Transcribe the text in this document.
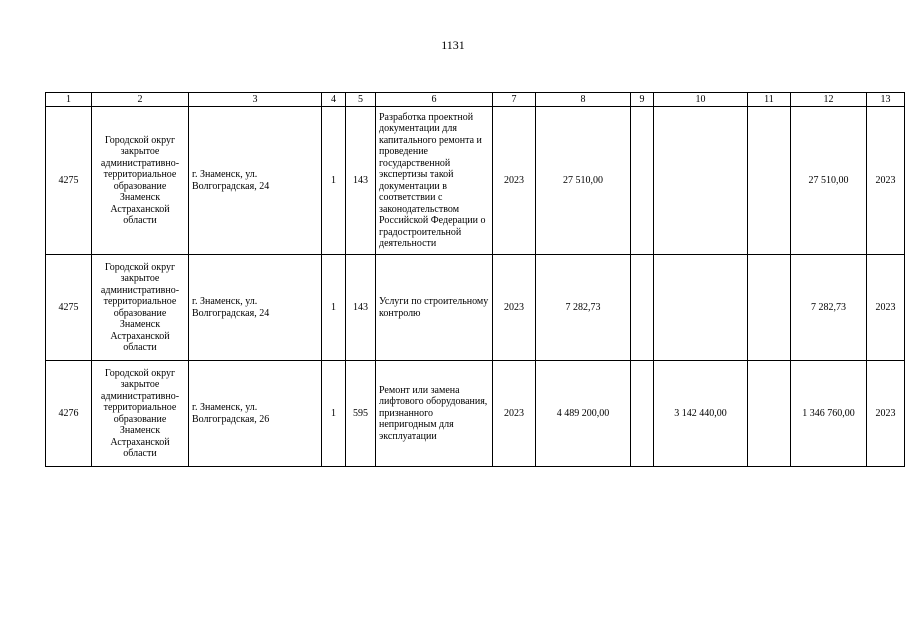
1131
1	2	3	4	5	6	7	8	9	10	11	12	13
4275	Городской округ закрытое административно-территориальное образование Знаменск Астраханской области	г. Знаменск, ул. Волгоградская, 24	1	143	Разработка проектной документации для капитального ремонта и проведение государственной экспертизы такой документации в соответствии с законодательством Российской Федерации о градостроительной деятельности	2023	27 510,00				27 510,00	2023
4275	Городской округ закрытое административно-территориальное образование Знаменск Астраханской области	г. Знаменск, ул. Волгоградская, 24	1	143	Услуги по строительному контролю	2023	7 282,73				7 282,73	2023
4276	Городской округ закрытое административно-территориальное образование Знаменск Астраханской области	г. Знаменск, ул. Волгоградская, 26	1	595	Ремонт или замена лифтового оборудования, признанного непригодным для эксплуатации	2023	4 489 200,00		3 142 440,00		1 346 760,00	2023
